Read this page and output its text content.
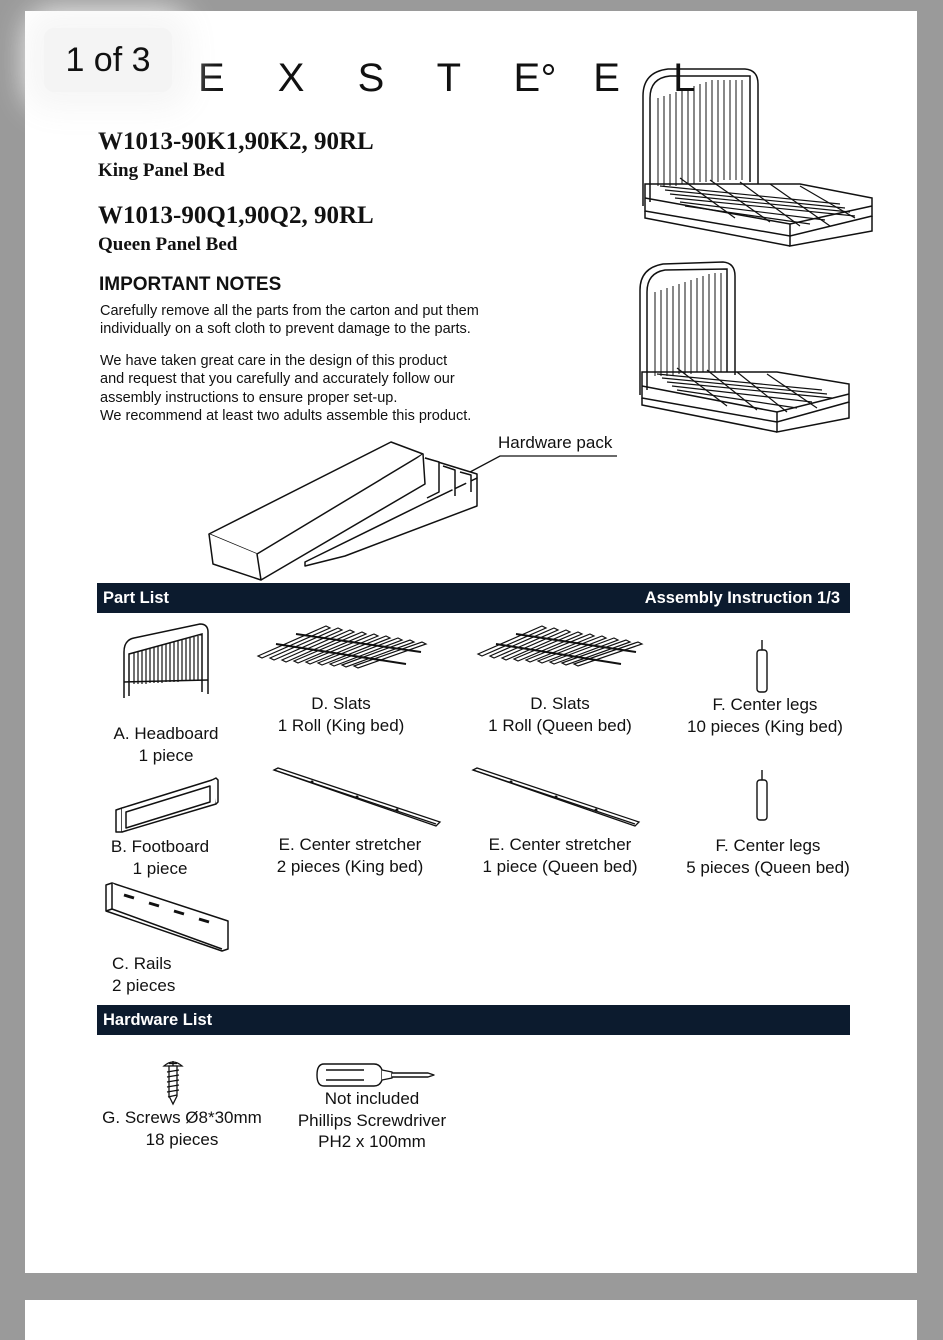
1 of 3	E X S T E E L
W1013-90K1,90K2, 90RL
King Panel Bed
W1013-90Q1,90Q2, 90RL
Queen Panel Bed
IMPORTANT NOTES
Carefully remove all the parts from the carton and put them
individually on a soft cloth to prevent damage to the parts.
We have taken great care in the design of this product
and request that you carefully and accurately follow our
assembly instructions to ensure proper set-up.
We recommend at least two adults assemble this product.
Hardware pack
Part List	Assembly Instruction 1/3
A. Headboard
1 piece
D. Slats
1 Roll (King bed)
D. Slats
1 Roll (Queen bed)
F. Center legs
10 pieces (King bed)
B. Footboard
1 piece
E. Center stretcher
2 pieces (King bed)
E. Center stretcher
1 piece (Queen bed)
F. Center legs
5 pieces (Queen bed)
C. Rails
2 pieces
Hardware List
G. Screws Ø8*30mm
18 pieces
Not included
Phillips Screwdriver
PH2 x 100mm
